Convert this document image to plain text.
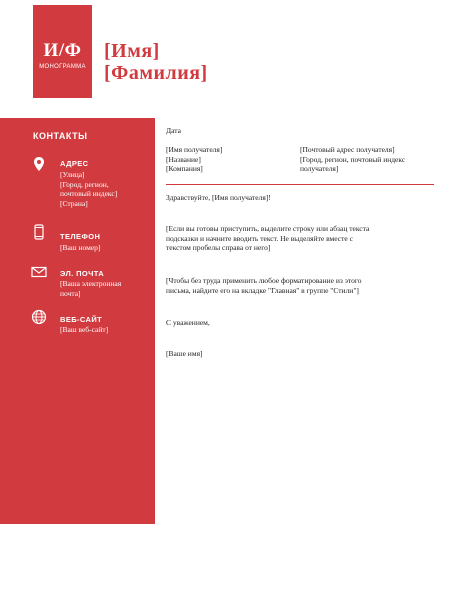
И/Ф
МОНОГРАММА
[Имя]
[Фамилия]
КОНТАКТЫ
АДРЕС
[Улица]
[Город, регион,
почтовый индекс]
[Страна]
ТЕЛЕФОН
[Ваш номер]
ЭЛ. ПОЧТА
[Ваша электронная
почта]
ВЕБ-САЙТ
[Ваш веб-сайт]
Дата
[Имя получателя]
[Название]
[Компания]
[Почтовый адрес получателя]
[Город, регион, почтовый индекс
получателя]
Здравствуйте, [Имя получателя]!
[Если вы готовы приступить, выделите строку или абзац текста
подсказки и начните вводить текст. Не выделяйте вместе с
текстом пробелы справа от него]
[Чтобы без труда применить любое форматирование из этого
письма, найдите его на вкладке "Главная" в группе "Стили"]
С уважением,
[Ваше имя]
